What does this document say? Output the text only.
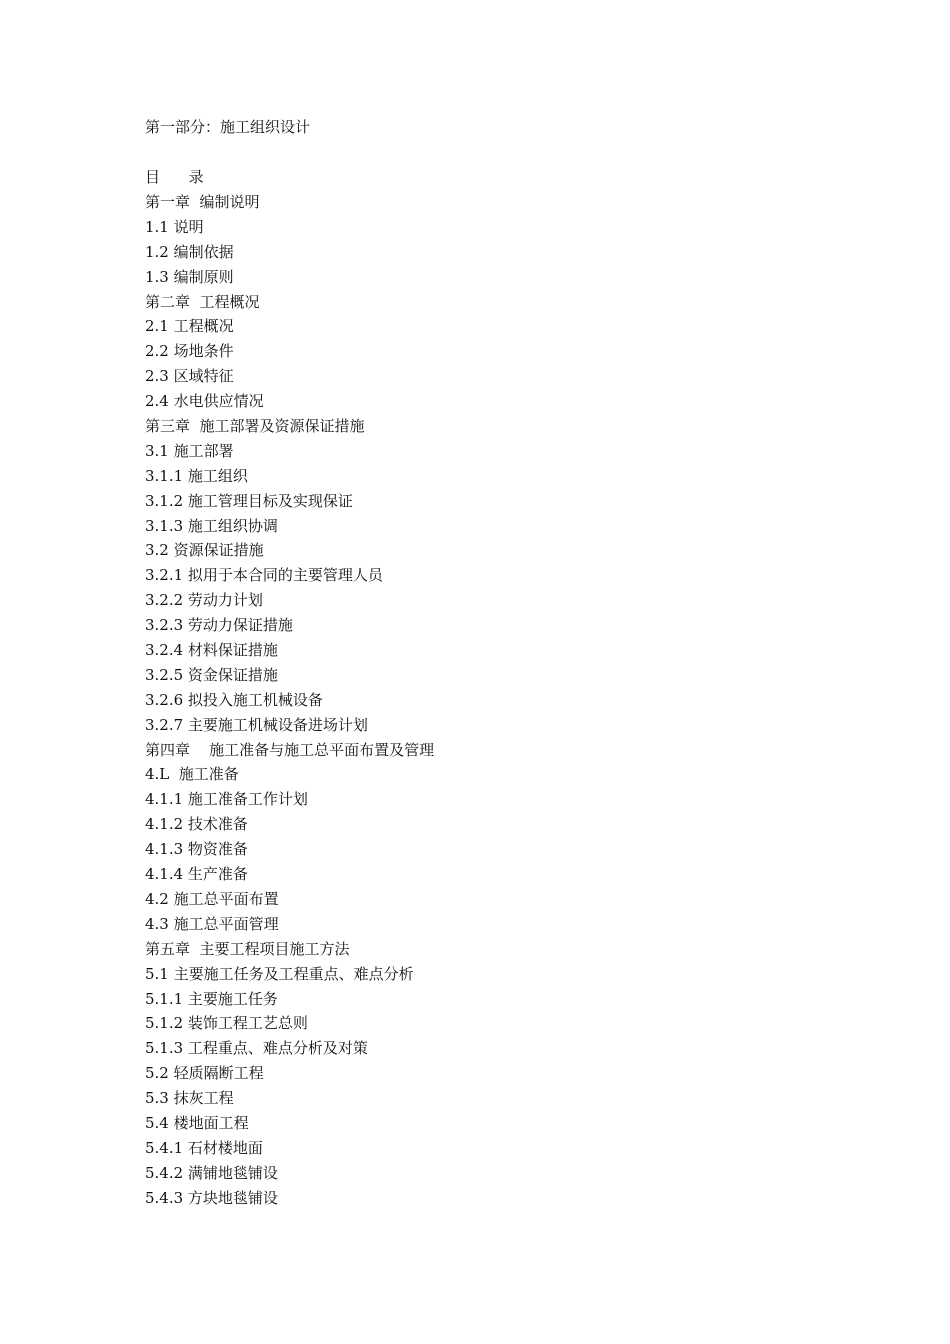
第一部分：施工组织设计
目      录
第一章  编制说明
1.1 说明
1.2 编制依据
1.3 编制原则
第二章  工程概况
2.1 工程概况
2.2 场地条件
2.3 区域特征
2.4 水电供应情况
第三章  施工部署及资源保证措施
3.1 施工部署
3.1.1 施工组织
3.1.2 施工管理目标及实现保证
3.1.3 施工组织协调
3.2 资源保证措施
3.2.1 拟用于本合同的主要管理人员
3.2.2 劳动力计划
3.2.3 劳动力保证措施
3.2.4 材料保证措施
3.2.5 资金保证措施
3.2.6 拟投入施工机械设备
3.2.7 主要施工机械设备进场计划
第四章    施工准备与施工总平面布置及管理
4.L  施工准备
4.1.1 施工准备工作计划
4.1.2 技术准备
4.1.3 物资准备
4.1.4 生产准备
4.2 施工总平面布置
4.3 施工总平面管理
第五章  主要工程项目施工方法
5.1 主要施工任务及工程重点、难点分析
5.1.1 主要施工任务
5.1.2 装饰工程工艺总则
5.1.3 工程重点、难点分析及对策
5.2 轻质隔断工程
5.3 抹灰工程
5.4 楼地面工程
5.4.1 石材楼地面
5.4.2 满铺地毯铺设
5.4.3 方块地毯铺设
